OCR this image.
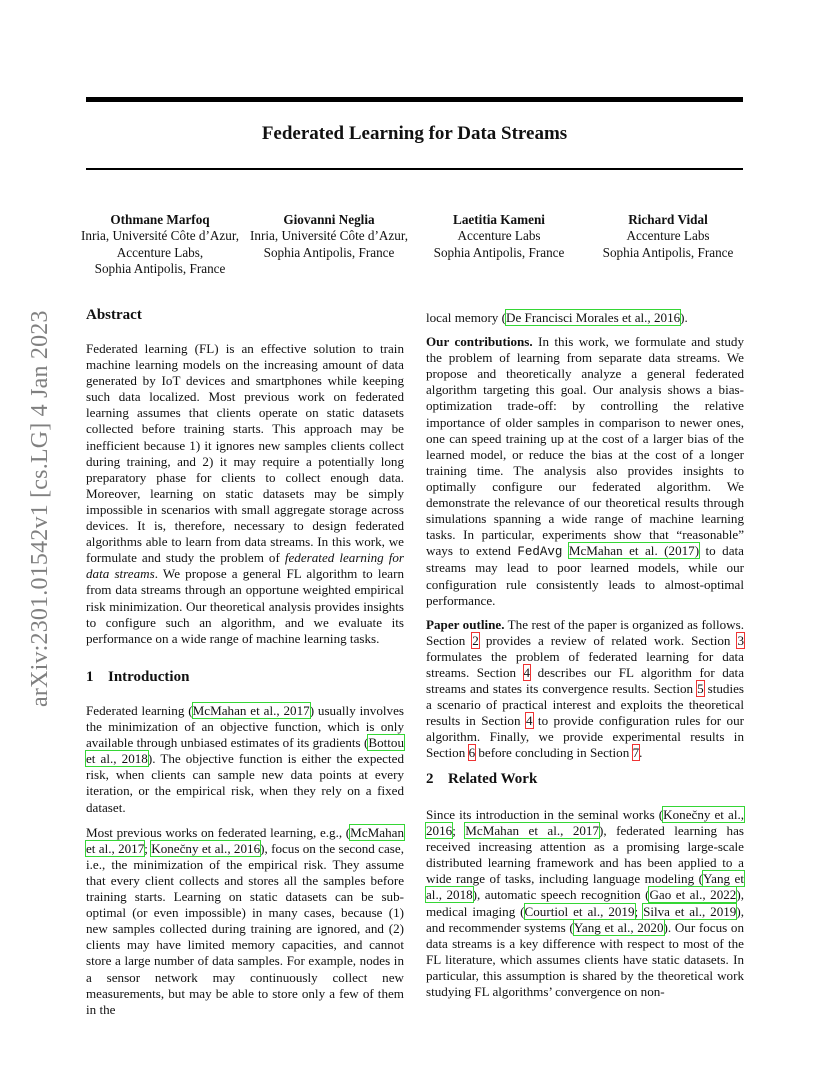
Federated Learning for Data Streams
Othmane Marfoq
Inria, Université Côte d’Azur,
Accenture Labs,
Sophia Antipolis, France
Giovanni Neglia
Inria, Université Côte d’Azur,
Sophia Antipolis, France
Laetitia Kameni
Accenture Labs
Sophia Antipolis, France
Richard Vidal
Accenture Labs
Sophia Antipolis, France
arXiv:2301.01542v1 [cs.LG] 4 Jan 2023 Abstract

Federated learning (FL) is an effective solution to train machine learning models on the increasing amount of data generated by IoT devices and smartphones while keeping such data localized. Most previous work on federated learning assumes that clients operate on static datasets collected before training starts. This approach may be inefficient because 1) it ignores new samples clients collect during training, and 2) it may require a potentially long preparatory phase for clients to collect enough data. Moreover, learning on static datasets may be simply impossible in scenarios with small aggregate storage across devices. It is, therefore, necessary to design federated algorithms able to learn from data streams. In this work, we formulate and study the problem of federated learning for data streams. We propose a general FL algorithm to learn from data streams through an opportune weighted empirical risk minimization. Our theoretical analysis provides insights to configure such an algorithm, and we evaluate its performance on a wide range of machine learning tasks.

1 Introduction

Federated learning (McMahan et al., 2017) usually involves the minimization of an objective function, which is only available through unbiased estimates of its gradients (Bottou et al., 2018). The objective function is either the expected risk, when clients can sample new data points at every iteration, or the empirical risk, when they rely on a fixed dataset.

Most previous works on federated learning, e.g., (McMahan et al., 2017; Konečny et al., 2016), focus on the second case, i.e., the minimization of the empirical risk. They assume that every client collects and stores all the samples before training starts. Learning on static datasets can be sub-optimal (or even impossible) in many cases, because (1) new samples collected during training are ignored, and (2) clients may have limited memory capacities, and cannot store a large number of data samples. For example, nodes in a sensor network may continuously collect new measurements, but may be able to store only a few of them in the

local memory (De Francisci Morales et al., 2016).

Our contributions. In this work, we formulate and study the problem of learning from separate data streams. We propose and theoretically analyze a general federated algorithm targeting this goal. Our analysis shows a bias-optimization trade-off: by controlling the relative importance of older samples in comparison to newer ones, one can speed training up at the cost of a larger bias of the learned model, or reduce the bias at the cost of a longer training time. The analysis also provides insights to optimally configure our federated algorithm. We demonstrate the relevance of our theoretical results through simulations spanning a wide range of machine learning tasks. In particular, experiments show that “reasonable” ways to extend FedAvg McMahan et al. (2017) to data streams may lead to poor learned models, while our configuration rule consistently leads to almost-optimal performance.

Paper outline. The rest of the paper is organized as follows. Section 2 provides a review of related work. Section 3 formulates the problem of federated learning for data streams. Section 4 describes our FL algorithm for data streams and states its convergence results. Section 5 studies a scenario of practical interest and exploits the theoretical results in Section 4 to provide configuration rules for our algorithm. Finally, we provide experimental results in Section 6 before concluding in Section 7.

2 Related Work

Since its introduction in the seminal works (Konečny et al., 2016; McMahan et al., 2017), federated learning has received increasing attention as a promising large-scale distributed learning framework and has been applied to a wide range of tasks, including language modeling (Yang et al., 2018), automatic speech recognition (Gao et al., 2022), medical imaging (Courtiol et al., 2019; Silva et al., 2019), and recommender systems (Yang et al., 2020). Our focus on data streams is a key difference with respect to most of the FL literature, which assumes clients have static datasets. In particular, this assumption is shared by the theoretical work studying FL algorithms’ convergence on non-
